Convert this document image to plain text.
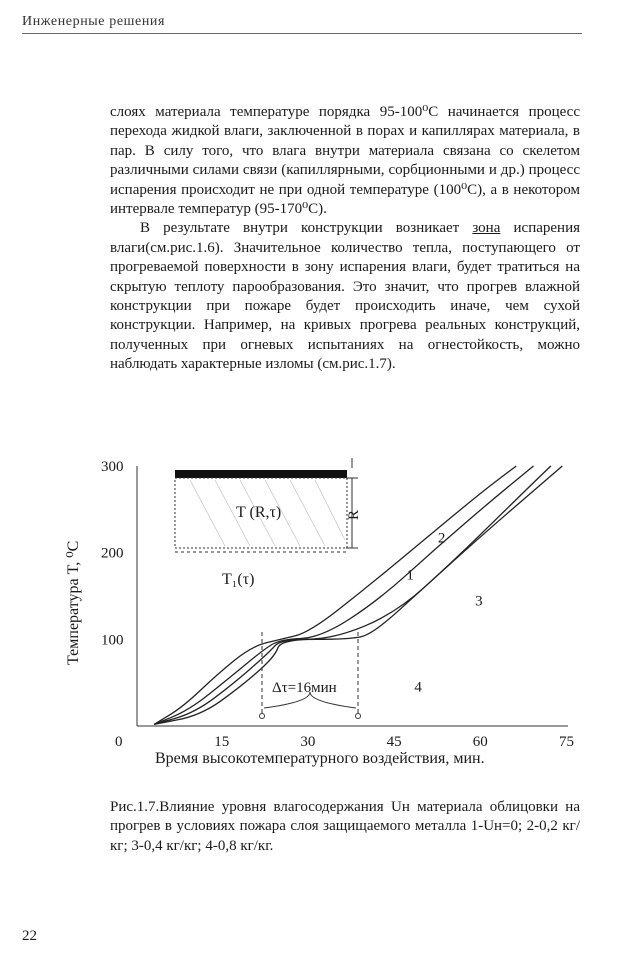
Инженерные решения

слоях материала температуре порядка 95-100⁰С начинается процесс перехода жидкой влаги, заключенной в порах и капиллярах материала, в пар. В силу того, что влага внутри материала связана со скелетом различными силами связи (капиллярными, сорбционными и др.) процесс испарения происходит не при одной температуре (100⁰С), а в некотором интервале температур (95-170⁰С).

В результате внутри конструкции возникает зона испарения влаги(см.рис.1.6). Значительное количество тепла, поступающего от прогреваемой поверхности в зону испарения влаги, будет тратиться на скрытую теплоту парообразования. Это значит, что прогрев влажной конструкции при пожаре будет происходить иначе, чем сухой конструкции. Например, на кривых прогрева реальных конструкций, полученных при огневых испытаниях на огнестойкость, можно наблюдать характерные изломы (см.рис.1.7).

0	15	30	45	60	75
100
200
300
1
2
3
4
T (R,τ)	R
T₁(τ)
Δτ=16мин
Температура T, ⁰С
Время высокотемпературного воздействия, мин.
Рис.1.7.Влияние уровня влагосодержания Uн материала облицовки на прогрев в условиях пожара слоя защищаемого металла 1-Uн=0; 2-0,2 кг/кг; 3-0,4 кг/кг; 4-0,8 кг/кг.
22
